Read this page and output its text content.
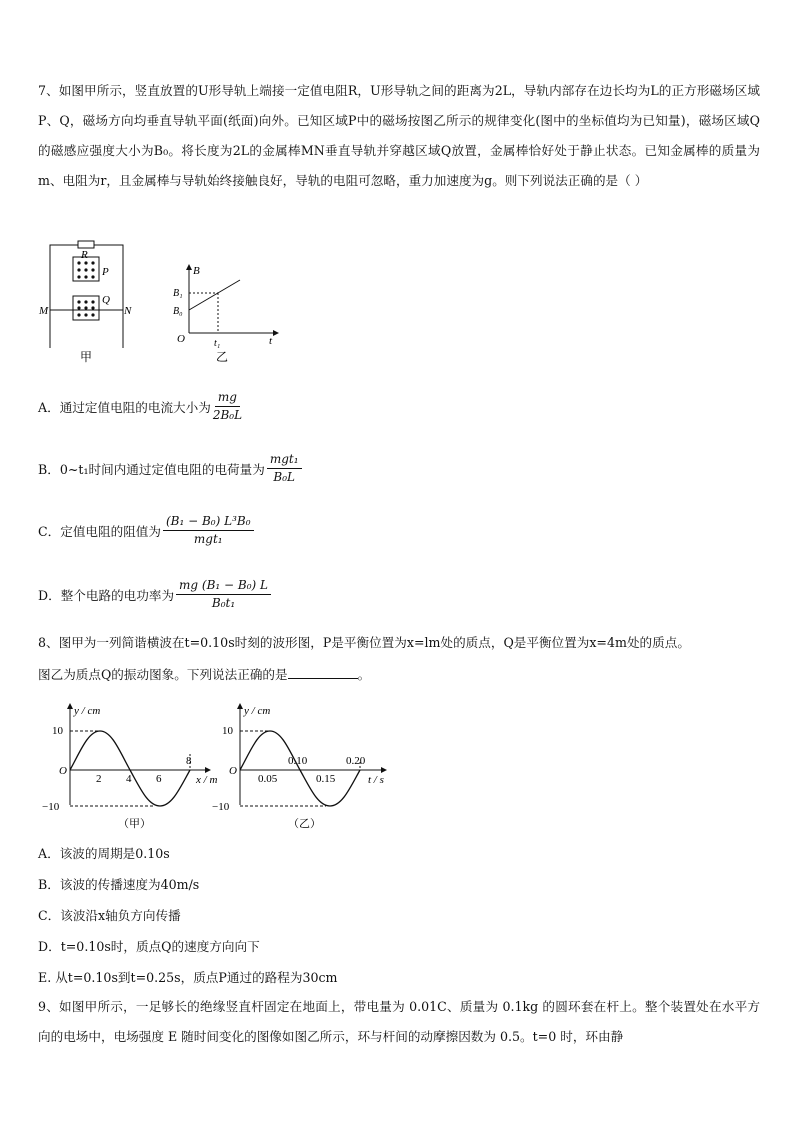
7、如图甲所示，竖直放置的U形导轨上端接一定值电阻R，U形导轨之间的距离为2L，导轨内部存在边长均为L的正方形磁场区域P、Q，磁场方向均垂直导轨平面(纸面)向外。已知区域P中的磁场按图乙所示的规律变化(图中的坐标值均为已知量)，磁场区域Q的磁感应强度大小为B₀。将长度为2L的金属棒MN垂直导轨并穿越区域Q放置，金属棒恰好处于静止状态。已知金属棒的质量为m、电阻为r，且金属棒与导轨始终接触良好，导轨的电阻可忽略，重力加速度为g。则下列说法正确的是（ ）
R
P
Q
M	N
甲
B
B₁
B₀
O	t₁	t
乙
A．通过定值电阻的电流大小为 $\frac{mg}{\text{2B₀L}}$
B．0~t₁时间内通过定值电阻的电荷量为 $\frac{\text{mgt₁}}{\text{B₀L}}$
C．定值电阻的阻值为 $\frac{\text{(B₁ − B₀) L³B₀}}{\text{mgt₁}}$
D．整个电路的电功率为 $\frac{\text{mg (B₁ − B₀) L}}{\text{B₀t₁}}$
8、图甲为一列简谐横波在t=0.10s时刻的波形图，P是平衡位置为x=lm处的质点，Q是平衡位置为x=4m处的质点。
图乙为质点Q的振动图象。下列说法正确的是	。
y / cm
10
−10
O
2 4 6
8
x / m
（甲）
y / cm
10
−10
O
0.05
0.10
0.15
0.20
t / s
（乙）
A．该波的周期是0.10s
B．该波的传播速度为40m/s
C．该波沿x轴负方向传播
D．t=0.10s时，质点Q的速度方向向下
E. 从t=0.10s到t=0.25s，质点P通过的路程为30cm
9、如图甲所示，一足够长的绝缘竖直杆固定在地面上，带电量为 0.01C、质量为 0.1kg 的圆环套在杆上。整个装置处在水平方向的电场中，电场强度 E 随时间变化的图像如图乙所示，环与杆间的动摩擦因数为 0.5。t=0 时，环由静
